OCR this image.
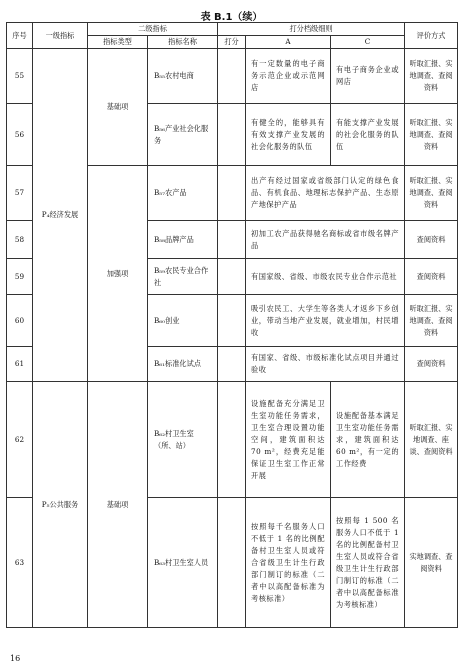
表 B.1（续）
序号	一级指标	二级指标		打分档级细则			评价方式
		指标类型	指标名称	打分	A	C	
55	P₄经济发展	基础项	B₅₅农村电商		有一定数量的电子商务示范企业或示范网店	有电子商务企业或网店	听取汇报、实地调查、查阅资料
56			B₅₆产业社会化服务		有健全的，能够具有有效支撑产业发展的社会化服务的队伍	有能支撑产业发展的社会化服务的队伍	听取汇报、实地调查、查阅资料
57		加强项	B₅₇农产品		出产有经过国家或省级部门认定的绿色食品、有机食品、地理标志保护产品、生态原产地保护产品		听取汇报、实地调查、查阅资料
58			B₅₈品牌产品		初加工农产品获得驰名商标或省市级名牌产品		查阅资料
59			B₅₉农民专业合作社		有国家级、省级、市级农民专业合作示范社		查阅资料
60			B₆₀创业		吸引农民工、大学生等各类人才返乡下乡创业，带动当地产业发展，就业增加，村民增收		听取汇报、实地调查、查阅资料
61			B₆₁标准化试点		有国家、省级、市级标准化试点项目并通过验收		查阅资料
62	P₅公共服务	基础项	B₆₂村卫生室（所、站）		设施配备充分满足卫生室功能任务需求，卫生室合理设置功能空间，建筑面积达 70 m²，经费充足能保证卫生室工作正常开展	设施配备基本满足卫生室功能任务需求，建筑面积达 60 m²，有一定的工作经费	听取汇报、实地调查、座谈、查阅资料
63			B₆₃村卫生室人员		按照每千名服务人口不低于 1 名的比例配备村卫生室人员或符合省级卫生计生行政部门制订的标准（二者中以高配备标准为考核标准）	按照每 1 500 名服务人口不低于 1 名的比例配备村卫生室人员或符合省级卫生计生行政部门制订的标准（二者中以高配备标准为考核标准）	实地调查、查阅资料
16
